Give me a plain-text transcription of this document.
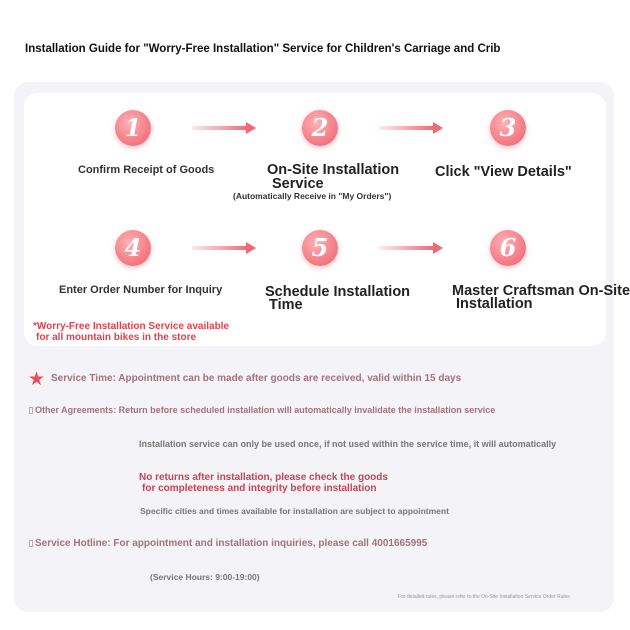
Installation Guide for "Worry-Free Installation" Service for Children's Carriage and Crib
1	2	3
Confirm Receipt of Goods	On-Site Installation
Service
(Automatically Receive in "My Orders")
Click "View Details"
4	5	6
Enter Order Number for Inquiry	Schedule Installation
Time
Master Craftsman On-Site
Installation
*Worry-Free Installation Service available
for all mountain bikes in the store
★ Service Time: Appointment can be made after goods are received, valid within 15 days
Other Agreements: Return before scheduled installation will automatically invalidate the installation service
Installation service can only be used once, if not used within the service time, it will automatically
No returns after installation, please check the goods
for completeness and integrity before installation
Specific cities and times available for installation are subject to appointment
Service Hotline: For appointment and installation inquiries, please call 4001665995
(Service Hours: 9:00-19:00)
For detailed rules, please refer to the On-Site Installation Service Order Rules
